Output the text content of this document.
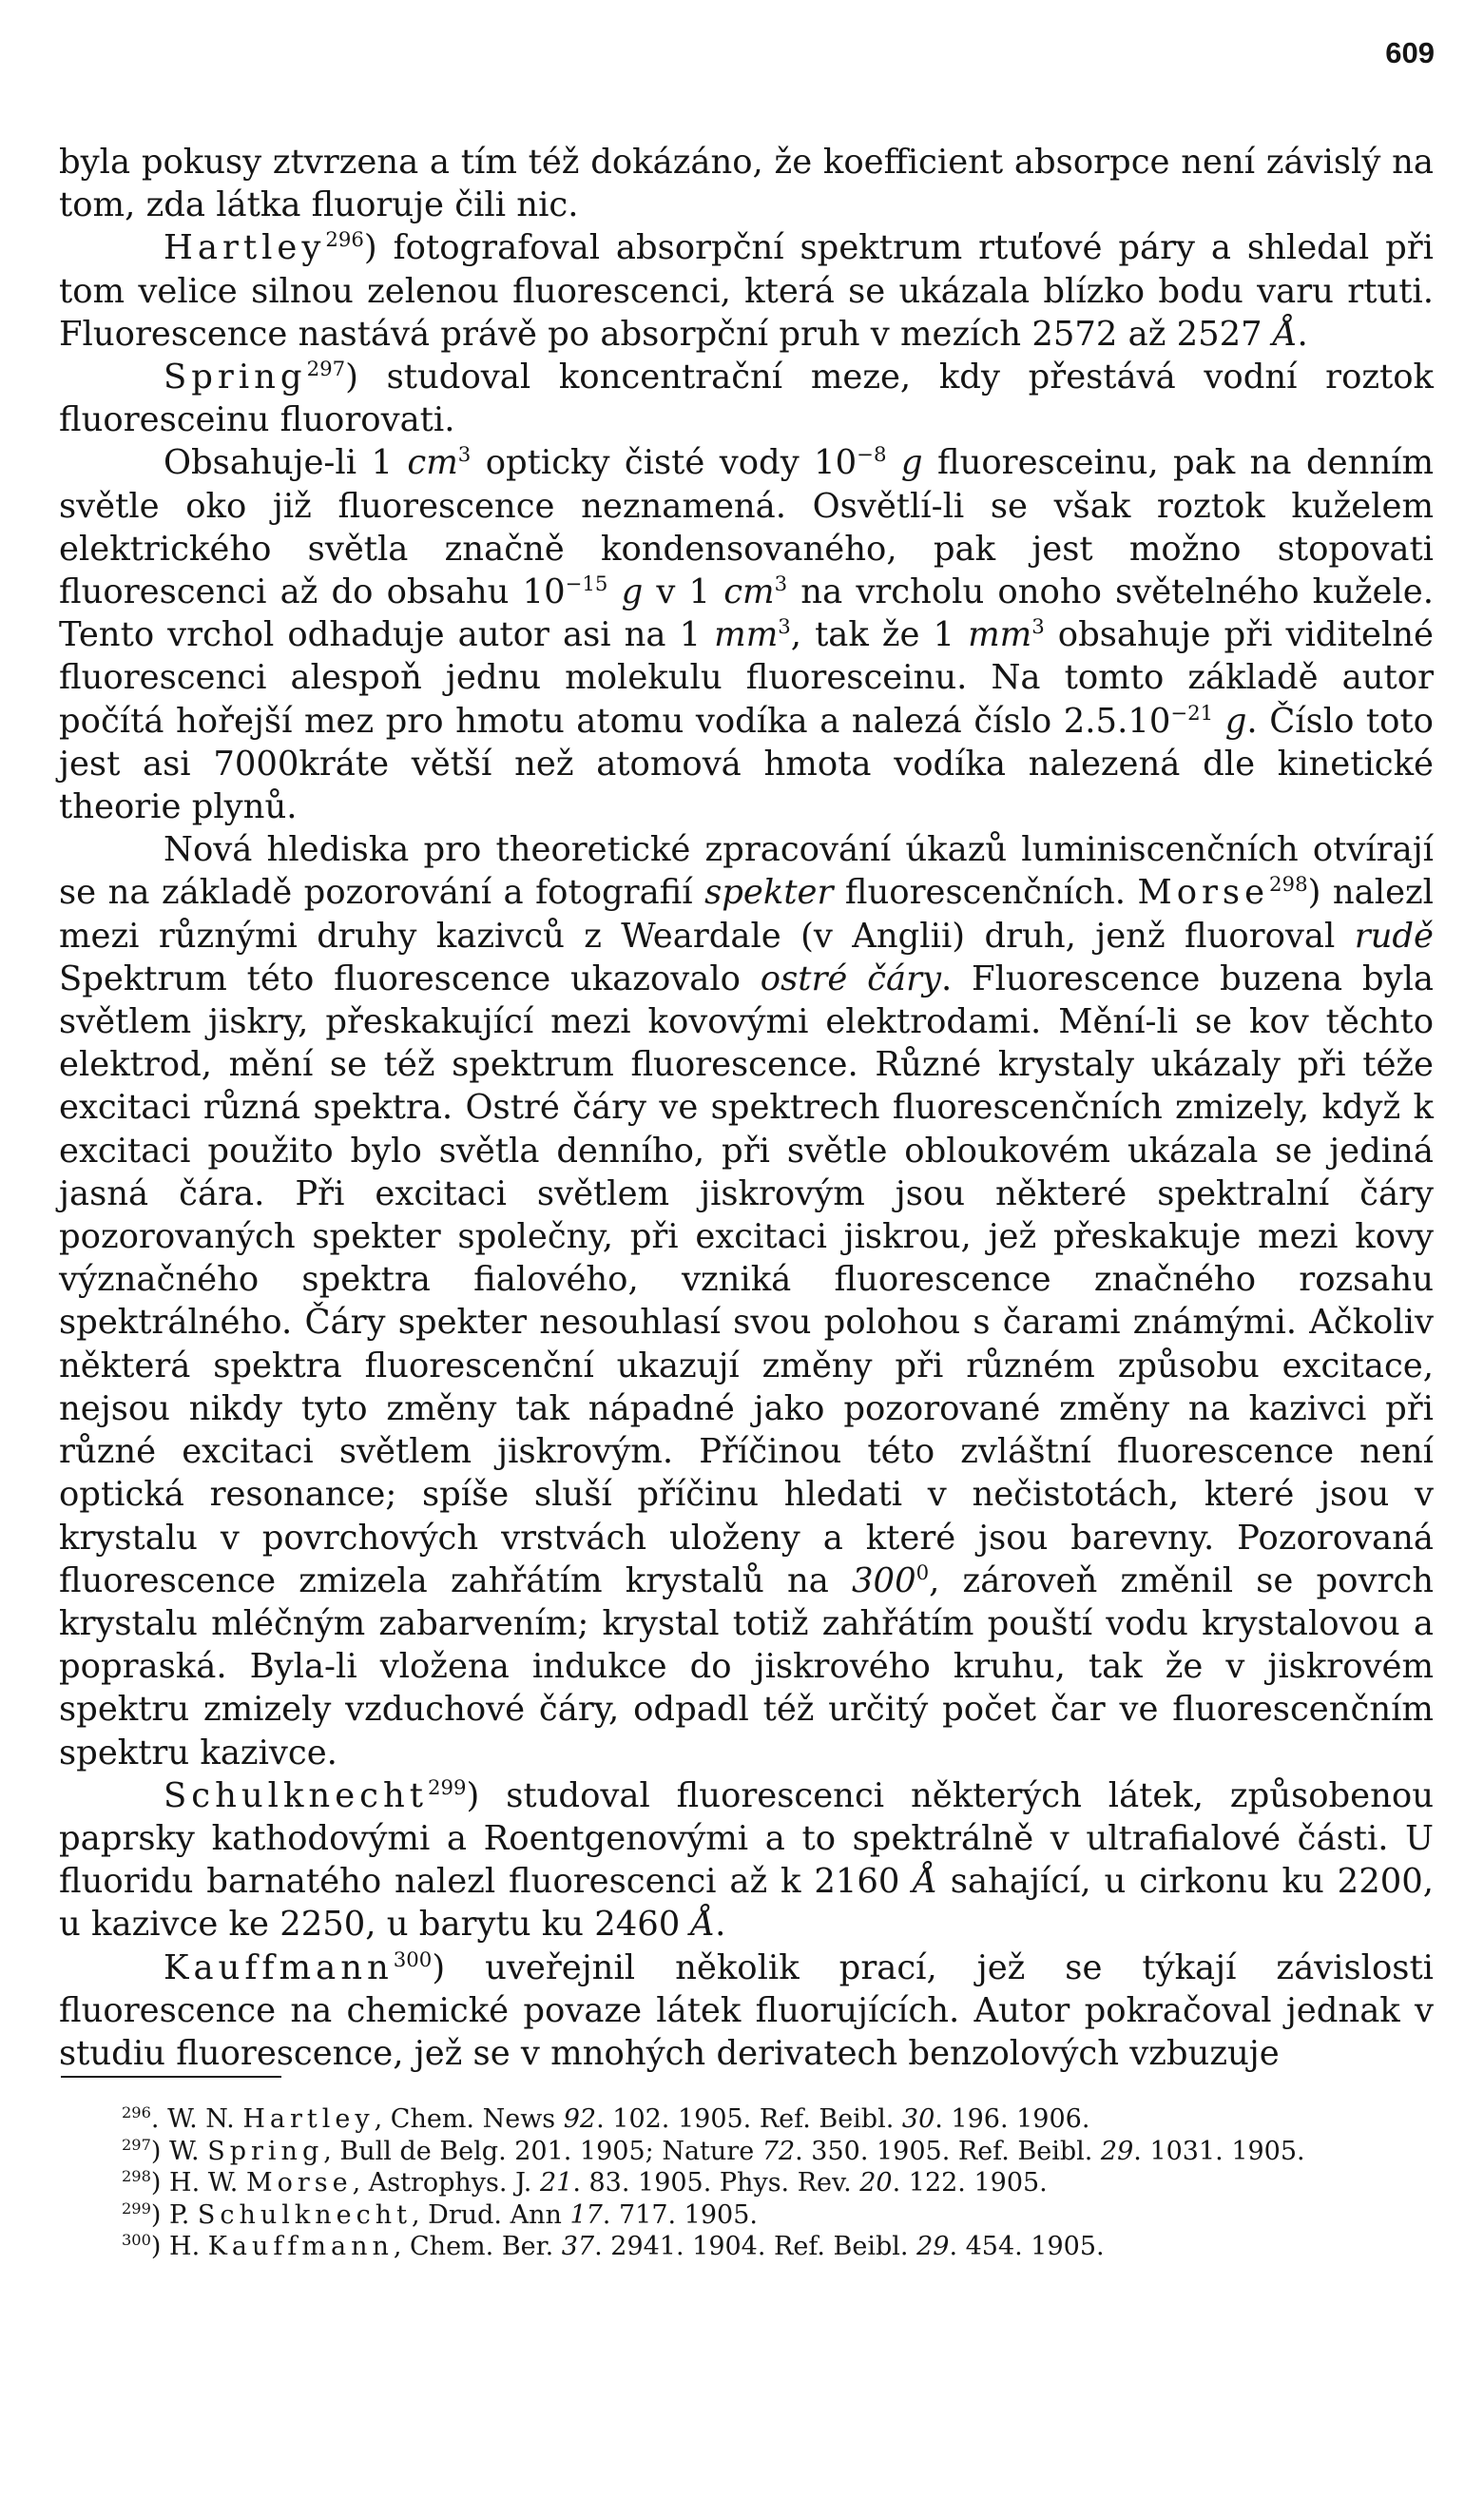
609

byla pokusy ztvrzena a tím též dokázáno, že koefficient absorpce není závislý na tom, zda látka fluoruje čili nic.

Hartley$^{296}$) fotografoval absorpční spektrum rtuťové páry a shledal při tom velice silnou zelenou fluorescenci, která se ukázala blízko bodu varu rtuti. Fluorescence nastává právě po absorpční pruh v mezích 2572 až 2527 Å.

Spring$^{297}$) studoval koncentrační meze, kdy přestává vodní roztok fluoresceinu fluorovati.

Obsahuje-li 1 $cm^3$ opticky čisté vody $10^{-8}$ g fluoresceinu, pak na denním světle oko již fluorescence neznamená. Osvětlí-li se však roztok kuželem elektrického světla značně kondensovaného, pak jest možno stopovati fluorescenci až do obsahu $10^{-15}$ g v 1 $cm^3$ na vrcholu onoho světelného kužele. Tento vrchol odhaduje autor asi na 1 $mm^3$, tak že 1 $mm^3$ obsahuje při viditelné fluorescenci alespoň jednu molekulu fluoresceinu. Na tomto základě autor počítá hořejší mez pro hmotu atomu vodíka a nalezá číslo $2.5.10^{-21}$ g. Číslo toto jest asi 7000kráte větší než atomová hmota vodíka nalezená dle kinetické theorie plynů.

Nová hlediska pro theoretické zpracování úkazů luminiscenčních otvírají se na základě pozorování a fotografií spekter fluorescenčních. Morse$^{298}$) nalezl mezi různými druhy kazivců z Weardale (v Anglii) druh, jenž fluoroval rudě Spektrum této fluorescence ukazovalo ostré čáry. Fluorescence buzena byla světlem jiskry, přeskakující mezi kovovými elektrodami. Mění-li se kov těchto elektrod, mění se též spektrum fluorescence. Různé krystaly ukázaly při téže excitaci různá spektra. Ostré čáry ve spektrech fluorescenčních zmizely, když k excitaci použito bylo světla denního, při světle obloukovém ukázala se jediná jasná čára. Při excitaci světlem jiskrovým jsou některé spektralní čáry pozorovaných spekter společny, při excitaci jiskrou, jež přeskakuje mezi kovy význačného spektra fialového, vzniká fluorescence značného rozsahu spektrálného. Čáry spekter nesouhlasí svou polohou s čarami známými. Ačkoliv některá spektra fluorescenční ukazují změny při různém způsobu excitace, nejsou nikdy tyto změny tak nápadné jako pozorované změny na kazivci při různé excitaci světlem jiskrovým. Příčinou této zvláštní fluorescence není optická resonance; spíše sluší příčinu hledati v nečistotách, které jsou v krystalu v povrchových vrstvách uloženy a které jsou barevny. Pozorovaná fluorescence zmizela zahřátím krystalů na $300^0$, zároveň změnil se povrch krystalu mléčným zabarvením; krystal totiž zahřátím pouští vodu krystalovou a popraská. Byla-li vložena indukce do jiskrového kruhu, tak že v jiskrovém spektru zmizely vzduchové čáry, odpadl též určitý počet čar ve fluorescenčním spektru kazivce.

Schulknecht$^{299}$) studoval fluorescenci některých látek, způsobenou paprsky kathodovými a Roentgenovými a to spektrálně v ultrafialové části. U fluoridu barnatého nalezl fluorescenci až k 2160 Å sahající, u cirkonu ku 2200, u kazivce ke 2250, u barytu ku 2460 Å.

Kauffmann$^{300}$) uveřejnil několik prací, jež se týkají závislosti fluorescence na chemické povaze látek fluorujících. Autor pokračoval jednak v studiu fluorescence, jež se v mnohých derivatech benzolových vzbuzuje

$^{296}$. W. N. Hartley, Chem. News 92. 102. 1905. Ref. Beibl. 30. 196. 1906.

$^{297}$) W. Spring, Bull de Belg. 201. 1905; Nature 72. 350. 1905. Ref. Beibl. 29. 1031. 1905.

$^{298}$) H. W. Morse, Astrophys. J. 21. 83. 1905. Phys. Rev. 20. 122. 1905.

$^{299}$) P. Schulknecht, Drud. Ann 17. 717. 1905.

$^{300}$) H. Kauffmann, Chem. Ber. 37. 2941. 1904. Ref. Beibl. 29. 454. 1905.
